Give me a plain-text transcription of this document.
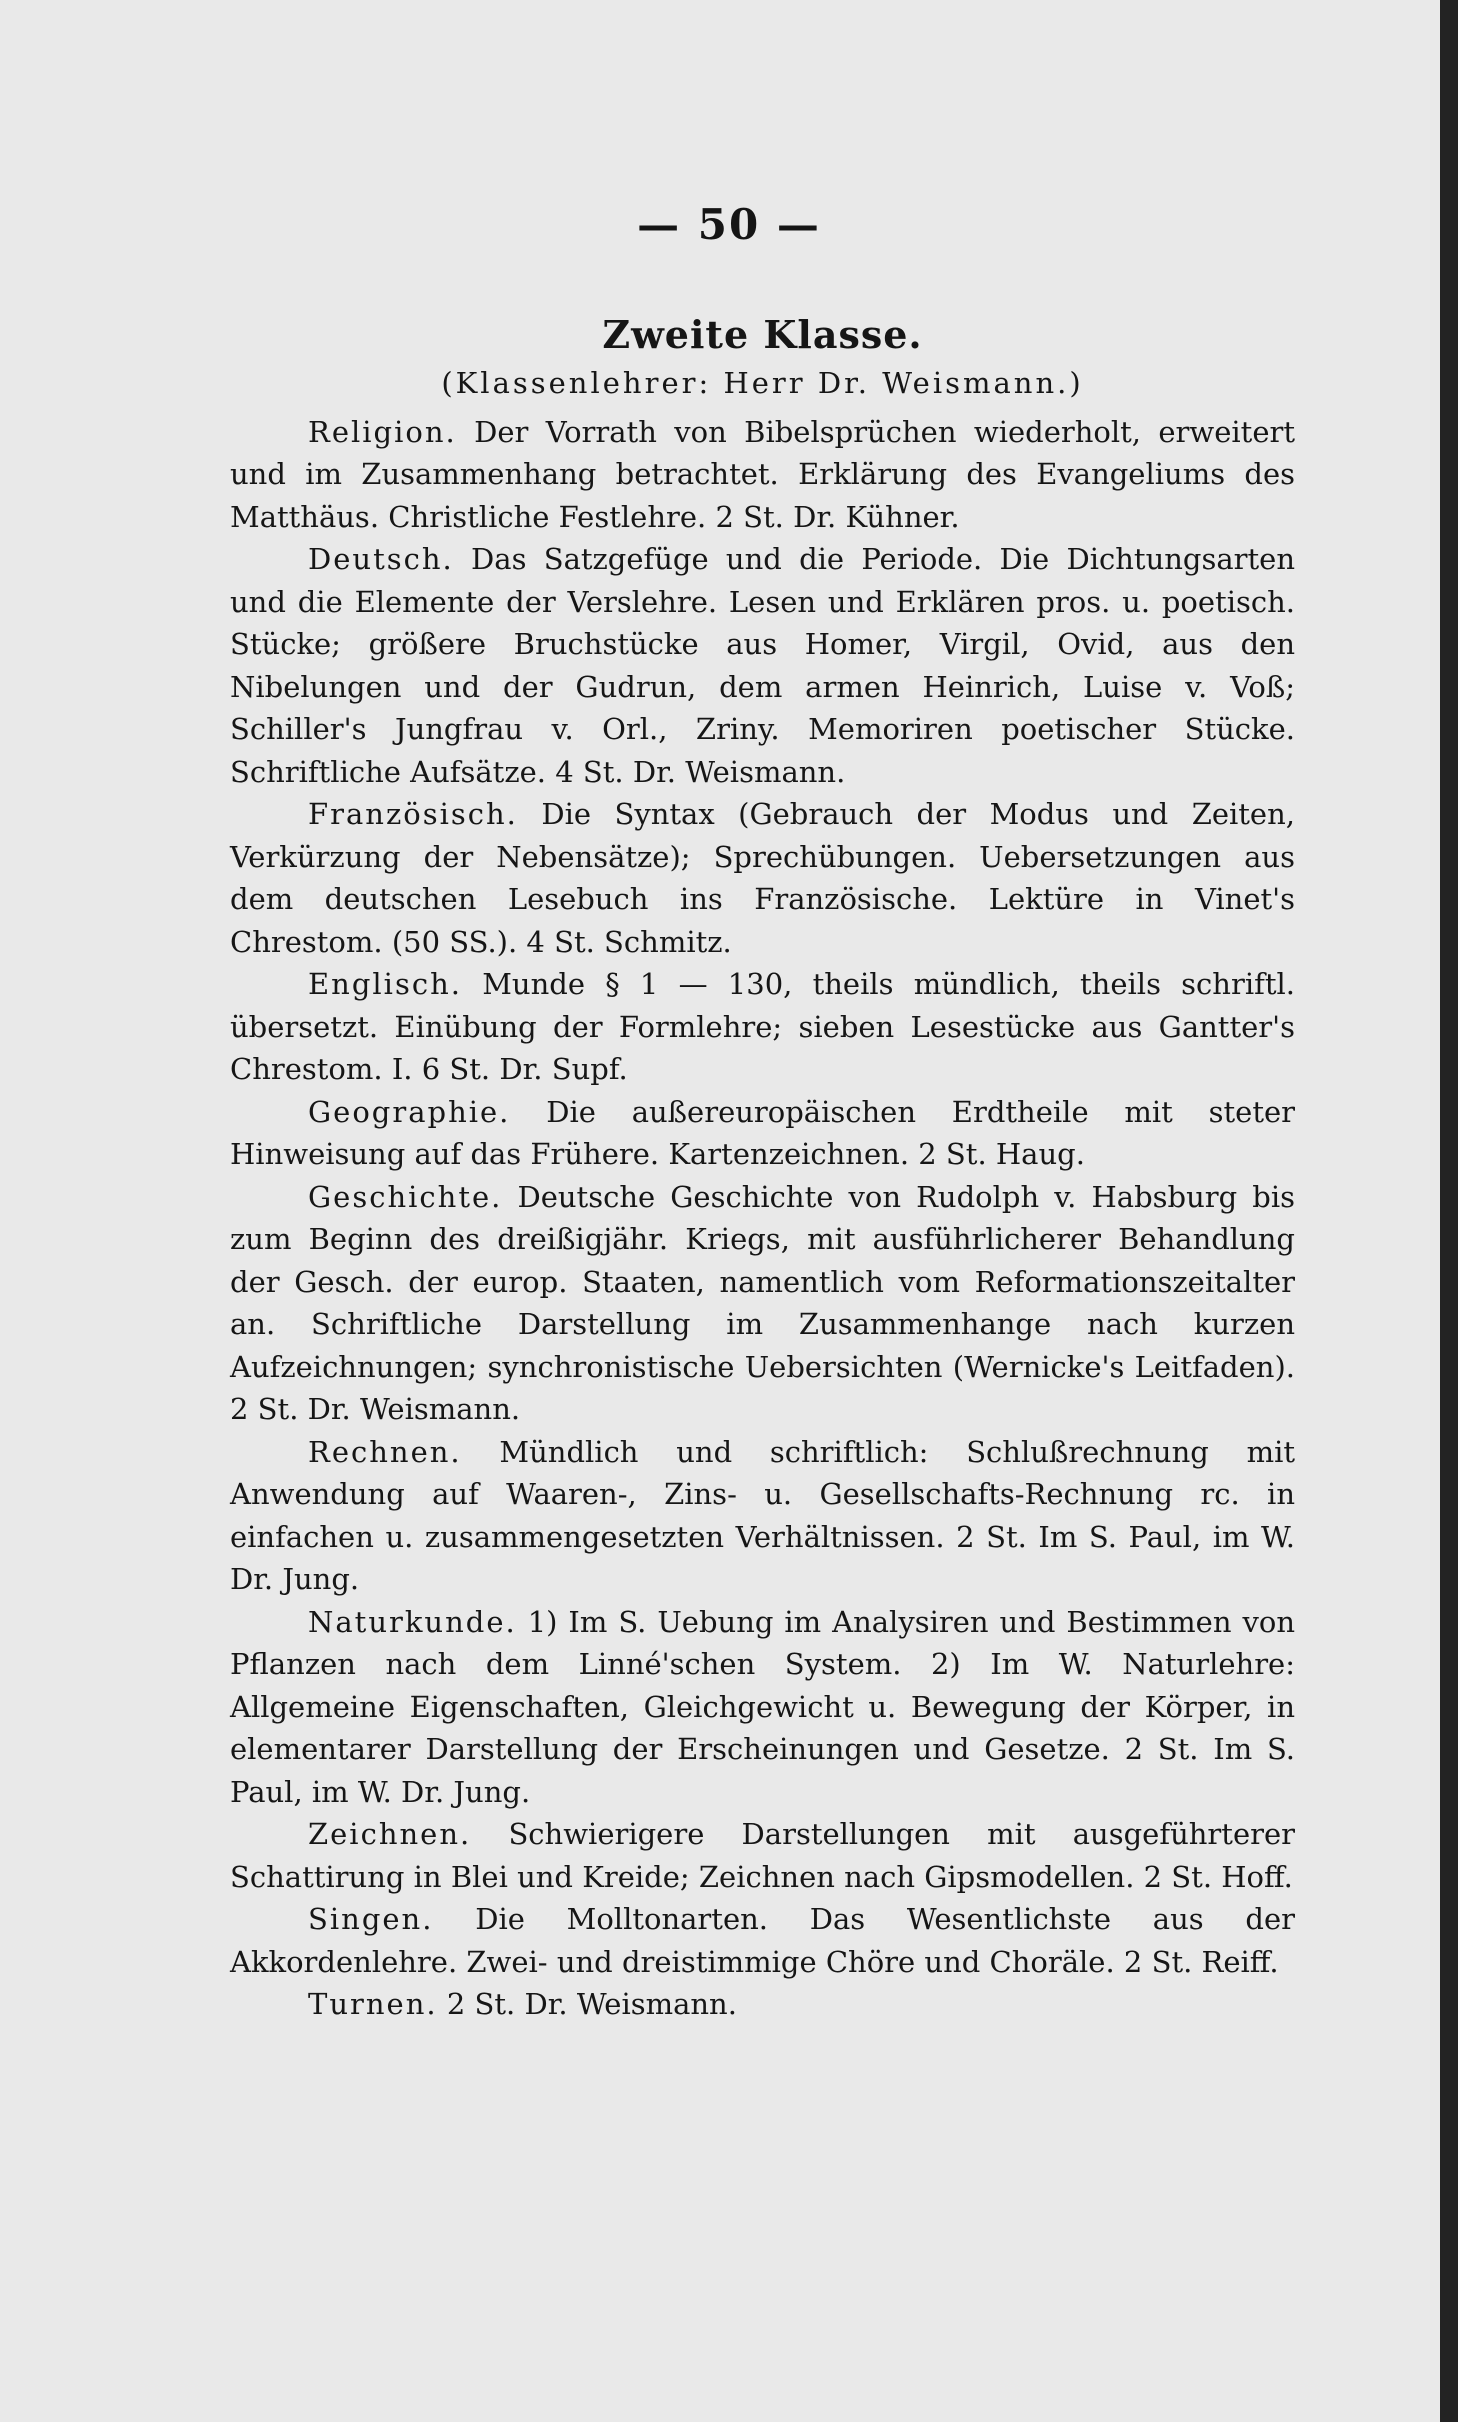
— 50 —

Zweite Klasse.

(Klassenlehrer: Herr Dr. Weismann.)

Religion. Der Vorrath von Bibelsprüchen wiederholt, erweitert und im Zusammenhang betrachtet. Erklärung des Evangeliums des Matthäus. Christliche Festlehre. 2 St. Dr. Kühner.

Deutsch. Das Satzgefüge und die Periode. Die Dichtungsarten und die Elemente der Verslehre. Lesen und Erklären pros. u. poetisch. Stücke; größere Bruchstücke aus Homer, Virgil, Ovid, aus den Nibelungen und der Gudrun, dem armen Heinrich, Luise v. Voß; Schiller's Jungfrau v. Orl., Zriny. Memoriren poetischer Stücke. Schriftliche Aufsätze. 4 St. Dr. Weismann.

Französisch. Die Syntax (Gebrauch der Modus und Zeiten, Verkürzung der Nebensätze); Sprechübungen. Uebersetzungen aus dem deutschen Lesebuch ins Französische. Lektüre in Vinet's Chrestom. (50 SS.). 4 St. Schmitz.

Englisch. Munde § 1 — 130, theils mündlich, theils schriftl. übersetzt. Einübung der Formlehre; sieben Lesestücke aus Gantter's Chrestom. I. 6 St. Dr. Supf.

Geographie. Die außereuropäischen Erdtheile mit steter Hinweisung auf das Frühere. Kartenzeichnen. 2 St. Haug.

Geschichte. Deutsche Geschichte von Rudolph v. Habsburg bis zum Beginn des dreißigjähr. Kriegs, mit ausführlicherer Behandlung der Gesch. der europ. Staaten, namentlich vom Reformationszeitalter an. Schriftliche Darstellung im Zusammenhange nach kurzen Aufzeichnungen; synchronistische Uebersichten (Wernicke's Leitfaden). 2 St. Dr. Weismann.

Rechnen. Mündlich und schriftlich: Schlußrechnung mit Anwendung auf Waaren-, Zins- u. Gesellschafts-Rechnung rc. in einfachen u. zusammengesetzten Verhältnissen. 2 St. Im S. Paul, im W. Dr. Jung.

Naturkunde. 1) Im S. Uebung im Analysiren und Bestimmen von Pflanzen nach dem Linné'schen System. 2) Im W. Naturlehre: Allgemeine Eigenschaften, Gleichgewicht u. Bewegung der Körper, in elementarer Darstellung der Erscheinungen und Gesetze. 2 St. Im S. Paul, im W. Dr. Jung.

Zeichnen. Schwierigere Darstellungen mit ausgeführterer Schattirung in Blei und Kreide; Zeichnen nach Gipsmodellen. 2 St. Hoff.

Singen. Die Molltonarten. Das Wesentlichste aus der Akkordenlehre. Zwei- und dreistimmige Chöre und Choräle. 2 St. Reiff.

Turnen. 2 St. Dr. Weismann.
